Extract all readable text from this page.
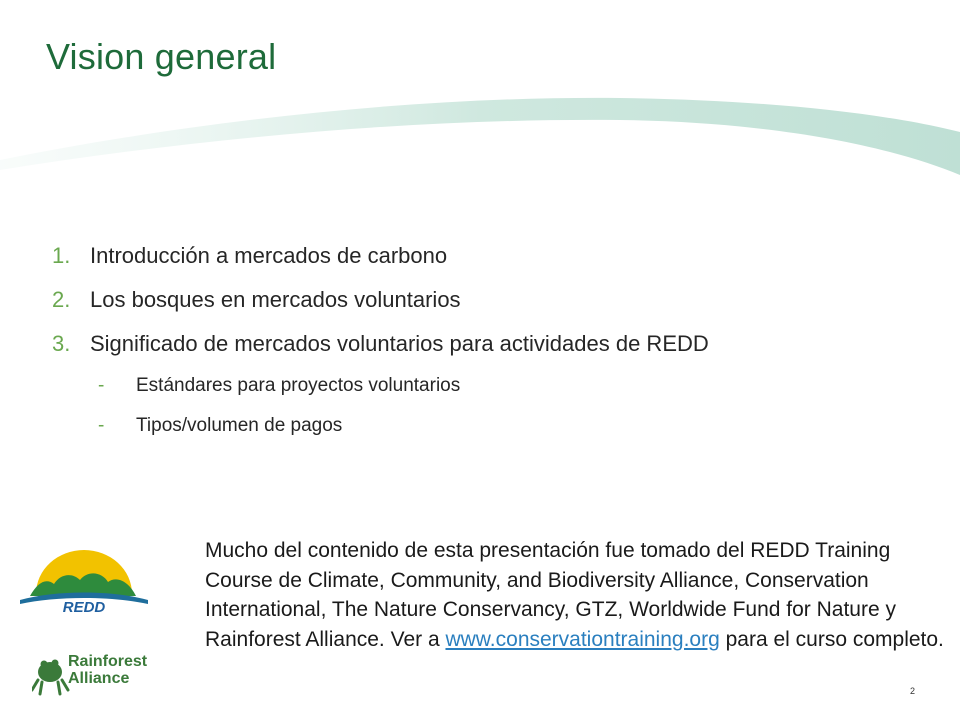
Vision general
1. Introducción a mercados de carbono
2. Los bosques en mercados voluntarios
3. Significado de mercados voluntarios para actividades de REDD
-	Estándares para proyectos voluntarios
-	Tipos/volumen de pagos
REDD
Rainforest
Alliance
Mucho del contenido de esta presentación fue tomado del REDD Training Course de Climate, Community, and Biodiversity Alliance, Conservation International, The Nature Conservancy, GTZ, Worldwide Fund for Nature y Rainforest Alliance. Ver a www.conservationtraining.org para el curso completo.
2
